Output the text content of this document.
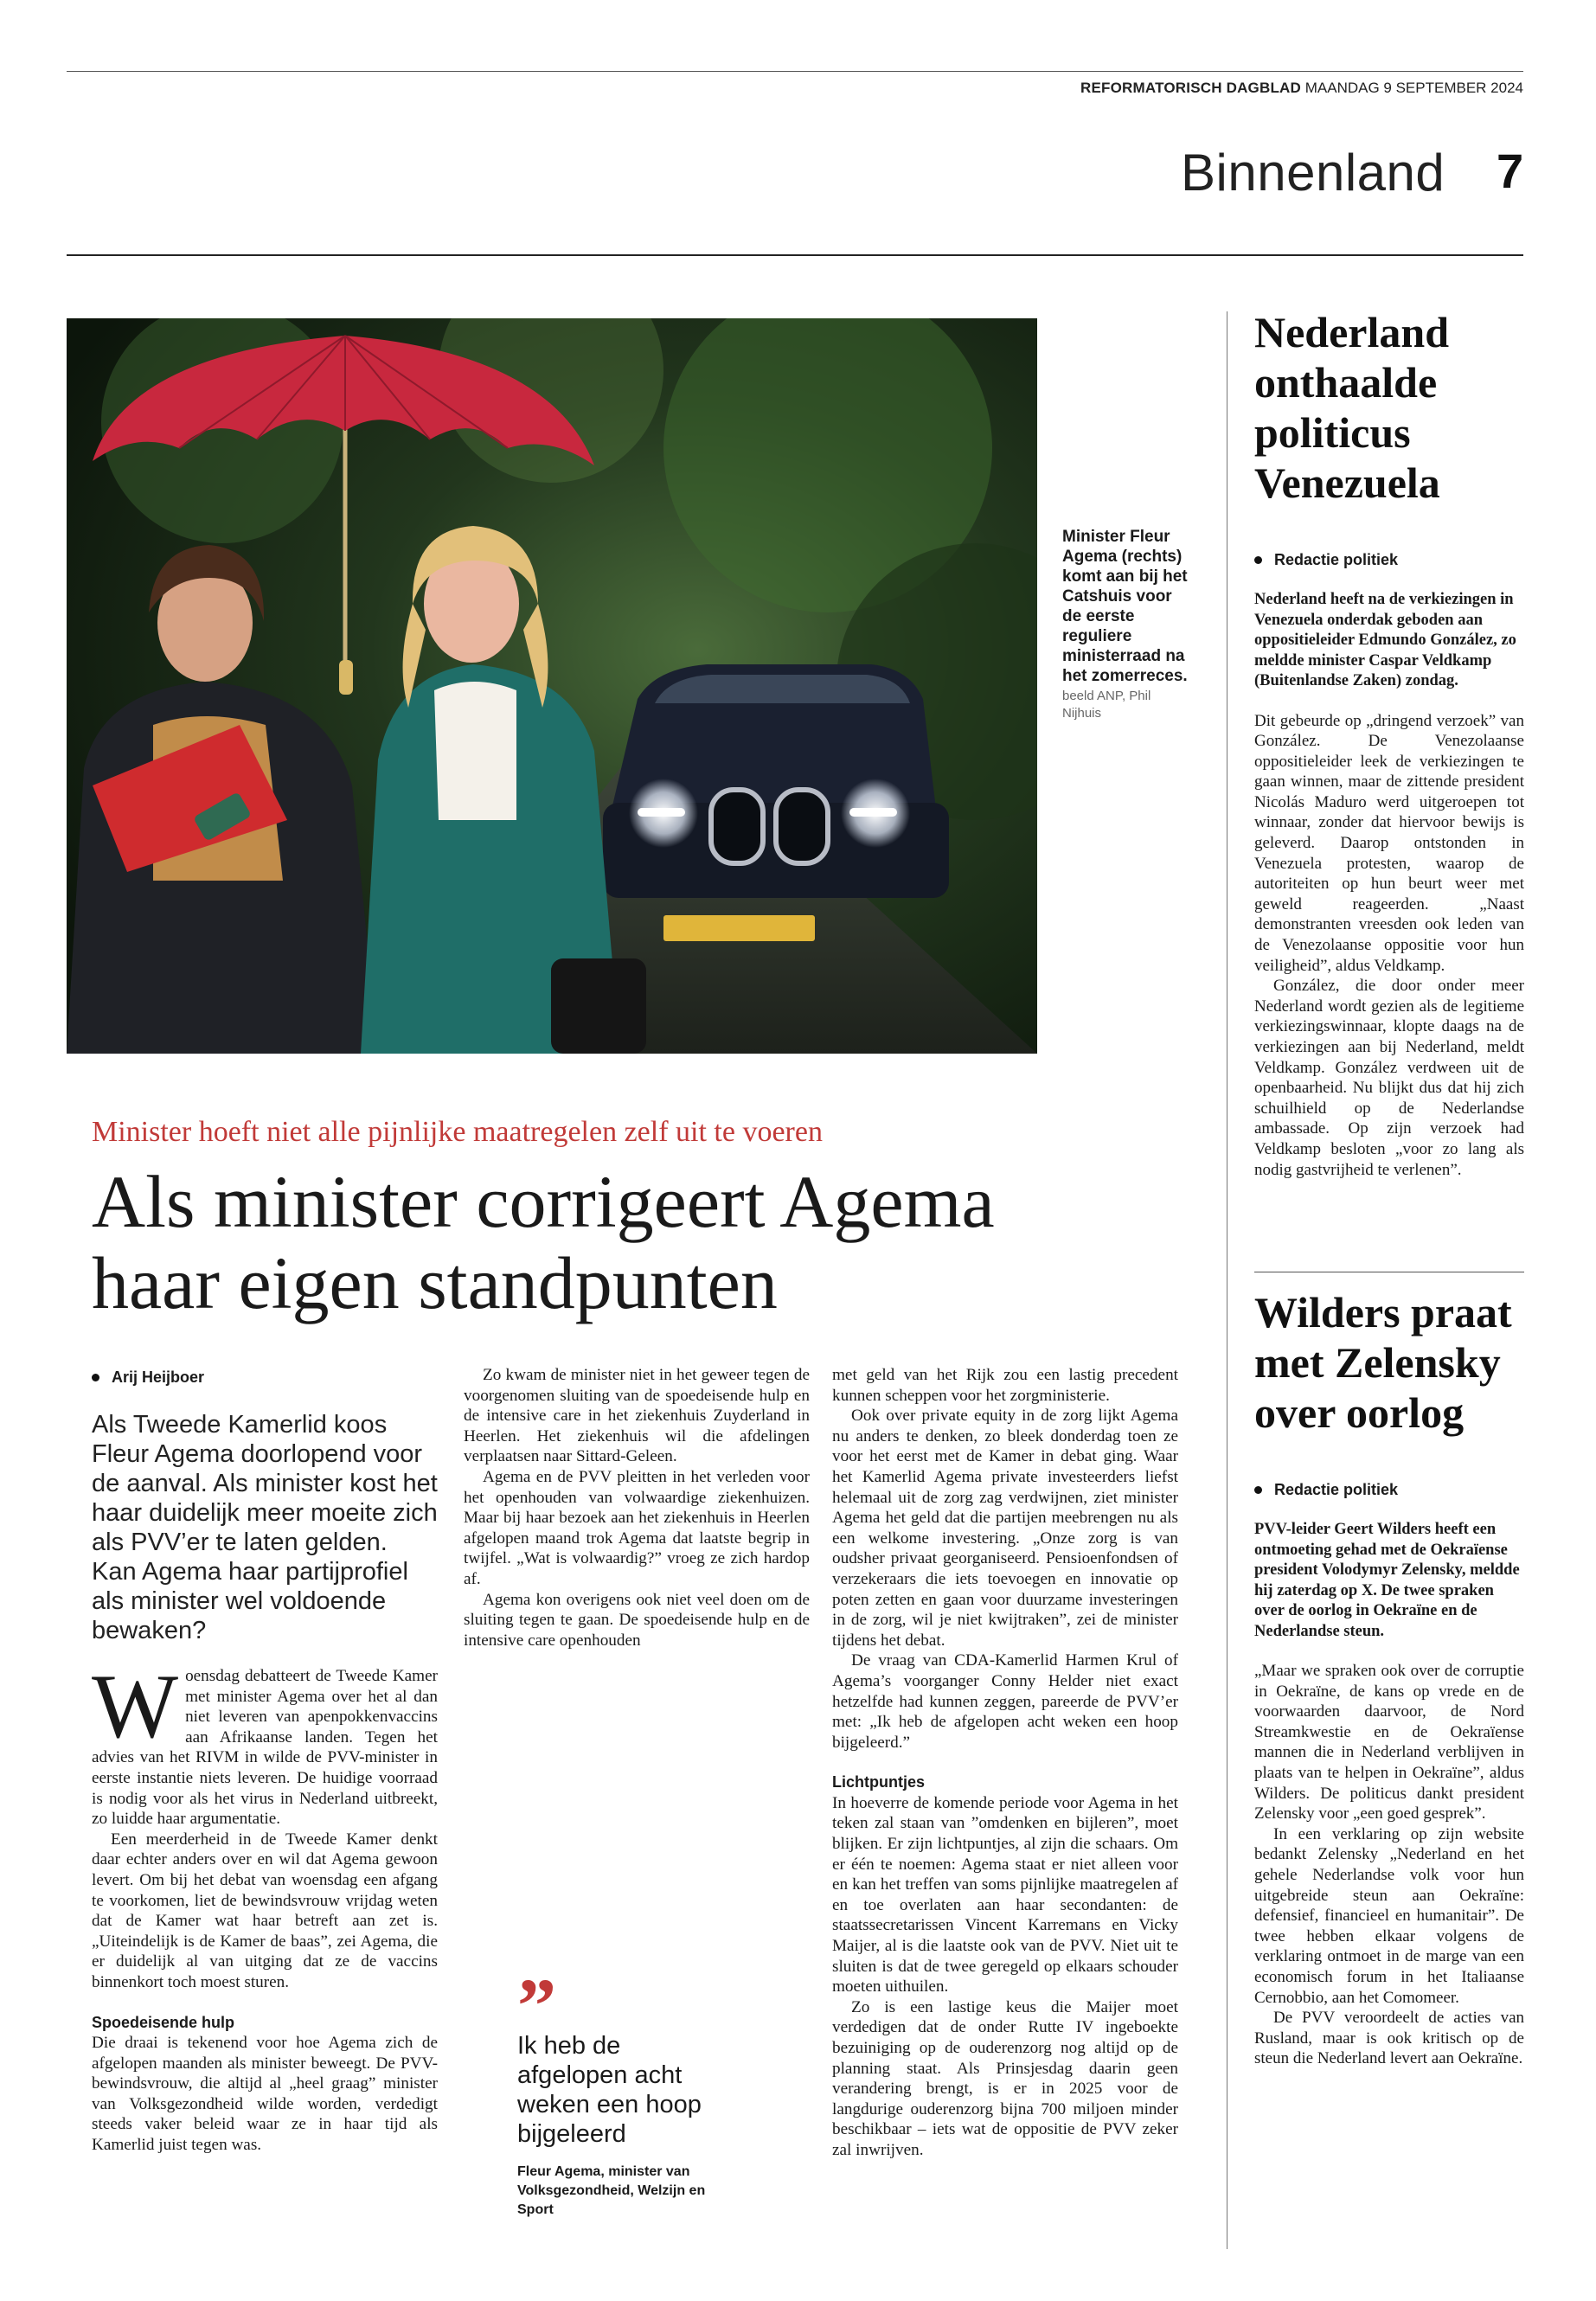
REFORMATORISCH DAGBLAD MAANDAG 9 SEPTEMBER 2024
Binnenland 7
Minister Fleur Agema (rechts) komt aan bij het Catshuis voor de eerste reguliere ministerraad na het zomerreces.
beeld ANP, Phil Nijhuis
Minister hoeft niet alle pijnlijke maatregelen zelf uit te voeren
Als minister corrigeert Agema haar eigen standpunten
Arij Heijboer
Als Tweede Kamerlid koos Fleur Agema doorlopend voor de aanval. Als minister kost het haar duidelijk meer moeite zich als PVV’er te laten gelden. Kan Agema haar partijprofiel als minister wel voldoende bewaken?

Woensdag debatteert de Tweede Kamer met minister Agema over het al dan niet leveren van apenpokkenvaccins aan Afrikaanse landen. Tegen het advies van het RIVM in wilde de PVV-minister in eerste instantie niets leveren. De huidige voorraad is nodig voor als het virus in Nederland uitbreekt, zo luidde haar argumentatie.

Een meerderheid in de Tweede Kamer denkt daar echter anders over en wil dat Agema gewoon levert. Om bij het debat van woensdag een afgang te voorkomen, liet de bewindsvrouw vrijdag weten dat de Kamer wat haar betreft aan zet is. „Uiteindelijk is de Kamer de baas”, zei Agema, die er duidelijk al van uitging dat ze de vaccins binnenkort toch moest sturen.

Spoedeisende hulp

Die draai is tekenend voor hoe Agema zich de afgelopen maanden als minister beweegt. De PVV-bewindsvrouw, die altijd al „heel graag” minister van Volksgezondheid wilde worden, verdedigt steeds vaker beleid waar ze in haar tijd als Kamerlid juist tegen was.

Zo kwam de minister niet in het geweer tegen de voorgenomen sluiting van de spoedeisende hulp en de intensive care in het ziekenhuis Zuyderland in Heerlen. Het ziekenhuis wil die afdelingen verplaatsen naar Sittard-Geleen.

Agema en de PVV pleitten in het verleden voor het openhouden van volwaardige ziekenhuizen. Maar bij haar bezoek aan het ziekenhuis in Heerlen afgelopen maand trok Agema dat laatste begrip in twijfel. „Wat is volwaardig?” vroeg ze zich hardop af.

Agema kon overigens ook niet veel doen om de sluiting tegen te gaan. De spoedeisende hulp en de intensive care openhouden

”
Ik heb de afgelopen acht weken een hoop bijgeleerd
Fleur Agema, minister van Volksgezondheid, Welzijn en Sport

met geld van het Rijk zou een lastig precedent kunnen scheppen voor het zorgministerie.

Ook over private equity in de zorg lijkt Agema nu anders te denken, zo bleek donderdag toen ze voor het eerst met de Kamer in debat ging. Waar het Kamerlid Agema private investeerders liefst helemaal uit de zorg zag verdwijnen, ziet minister Agema het geld dat die partijen meebrengen nu als een welkome investering. „Onze zorg is van oudsher privaat georganiseerd. Pensioenfondsen of verzekeraars die iets toevoegen en innovatie op poten zetten en gaan voor duurzame investeringen in de zorg, wil je niet kwijtraken”, zei de minister tijdens het debat.

De vraag van CDA-Kamerlid Harmen Krul of Agema’s voorganger Conny Helder niet exact hetzelfde had kunnen zeggen, pareerde de PVV’er met: „Ik heb de afgelopen acht weken een hoop bijgeleerd.”

Lichtpuntjes

In hoeverre de komende periode voor Agema in het teken zal staan van ”omdenken en bijleren”, moet blijken. Er zijn lichtpuntjes, al zijn die schaars. Om er één te noemen: Agema staat er niet alleen voor en kan het treffen van soms pijnlijke maatregelen af en toe overlaten aan haar secondanten: de staatssecretarissen Vincent Karremans en Vicky Maijer, al is die laatste ook van de PVV. Niet uit te sluiten is dat de twee geregeld op elkaars schouder moeten uithuilen.

Zo is een lastige keus die Maijer moet verdedigen dat de onder Rutte IV ingeboekte bezuiniging op de ouderenzorg nog altijd op de planning staat. Als Prinsjesdag daarin geen verandering brengt, is er in 2025 voor de langdurige ouderenzorg bijna 700 miljoen minder beschikbaar – iets wat de oppositie de PVV zeker zal inwrijven.

Nederland onthaalde politicus Venezuela
Redactie politiek
Nederland heeft na de verkiezingen in Venezuela onderdak geboden aan oppositieleider Edmundo González, zo meldde minister Caspar Veldkamp (Buitenlandse Zaken) zondag.

Dit gebeurde op „dringend verzoek” van González. De Venezolaanse oppositieleider leek de verkiezingen te gaan winnen, maar de zittende president Nicolás Maduro werd uitgeroepen tot winnaar, zonder dat hiervoor bewijs is geleverd. Daarop ontstonden in Venezuela protesten, waarop de autoriteiten op hun beurt weer met geweld reageerden. „Naast demonstranten vreesden ook leden van de Venezolaanse oppositie voor hun veiligheid”, aldus Veldkamp.

González, die door onder meer Nederland wordt gezien als de legitieme verkiezingswinnaar, klopte daags na de verkiezingen aan bij Nederland, meldt Veldkamp. González verdween uit de openbaarheid. Nu blijkt dus dat hij zich schuilhield op de Nederlandse ambassade. Op zijn verzoek had Veldkamp besloten „voor zo lang als nodig gastvrijheid te verlenen”.

Wilders praat met Zelensky over oorlog
Redactie politiek
PVV-leider Geert Wilders heeft een ontmoeting gehad met de Oekraïense president Volodymyr Zelensky, meldde hij zaterdag op X. De twee spraken over de oorlog in Oekraïne en de Nederlandse steun.

„Maar we spraken ook over de corruptie in Oekraïne, de kans op vrede en de voorwaarden daarvoor, de Nord Streamkwestie en de Oekraïense mannen die in Nederland verblijven in plaats van te helpen in Oekraïne”, aldus Wilders. De politicus dankt president Zelensky voor „een goed gesprek”.

In een verklaring op zijn website bedankt Zelensky „Nederland en het gehele Nederlandse volk voor hun uitgebreide steun aan Oekraïne: defensief, financieel en humanitair”. De twee hebben elkaar volgens de verklaring ontmoet in de marge van een economisch forum in het Italiaanse Cernobbio, aan het Comomeer.

De PVV veroordeelt de acties van Rusland, maar is ook kritisch op de steun die Nederland levert aan Oekraïne.
